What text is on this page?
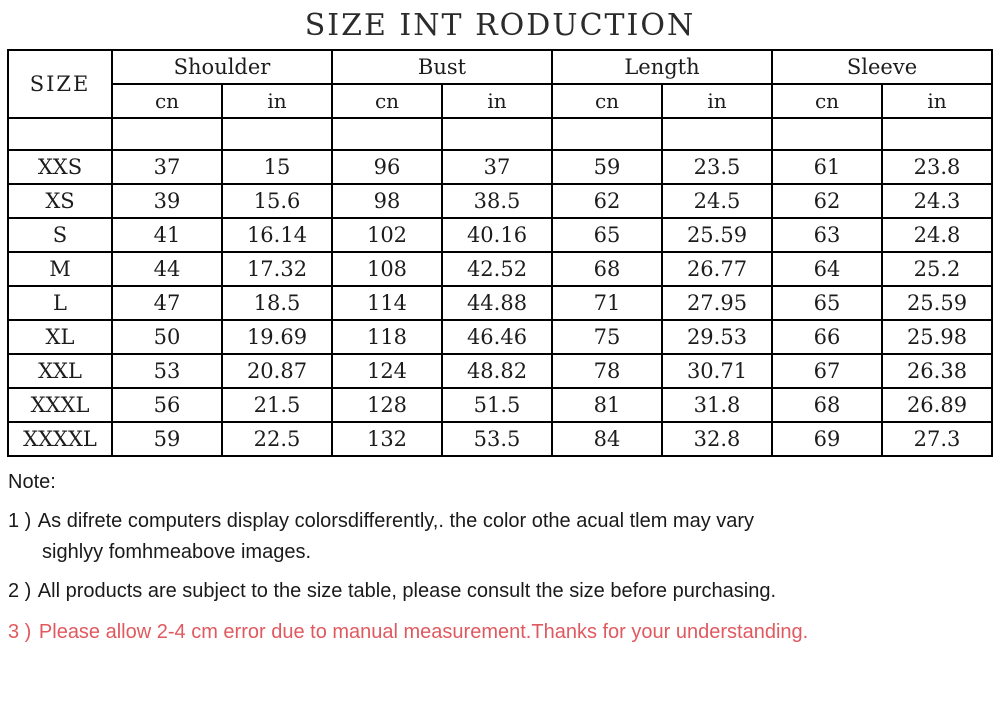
SIZE INT RODUCTION
SIZE	Shoulder		Bust		Length		Sleeve	
	cn	in	cn	in	cn	in	cn	in

XXS	37	15	96	37	59	23.5	61	23.8
XS	39	15.6	98	38.5	62	24.5	62	24.3
S	41	16.14	102	40.16	65	25.59	63	24.8
M	44	17.32	108	42.52	68	26.77	64	25.2
L	47	18.5	114	44.88	71	27.95	65	25.59
XL	50	19.69	118	46.46	75	29.53	66	25.98
XXL	53	20.87	124	48.82	78	30.71	67	26.38
XXXL	56	21.5	128	51.5	81	31.8	68	26.89
XXXXL	59	22.5	132	53.5	84	32.8	69	27.3
Note:
1 ) As difrete computers display colorsdifferently,. the color othe acual tlem may vary
sighlyy fomhmeabove images.
2 ) All products are subject to the size table, please consult the size before purchasing.
3 ) Please allow 2-4 cm error due to manual measurement.Thanks for your understanding.
